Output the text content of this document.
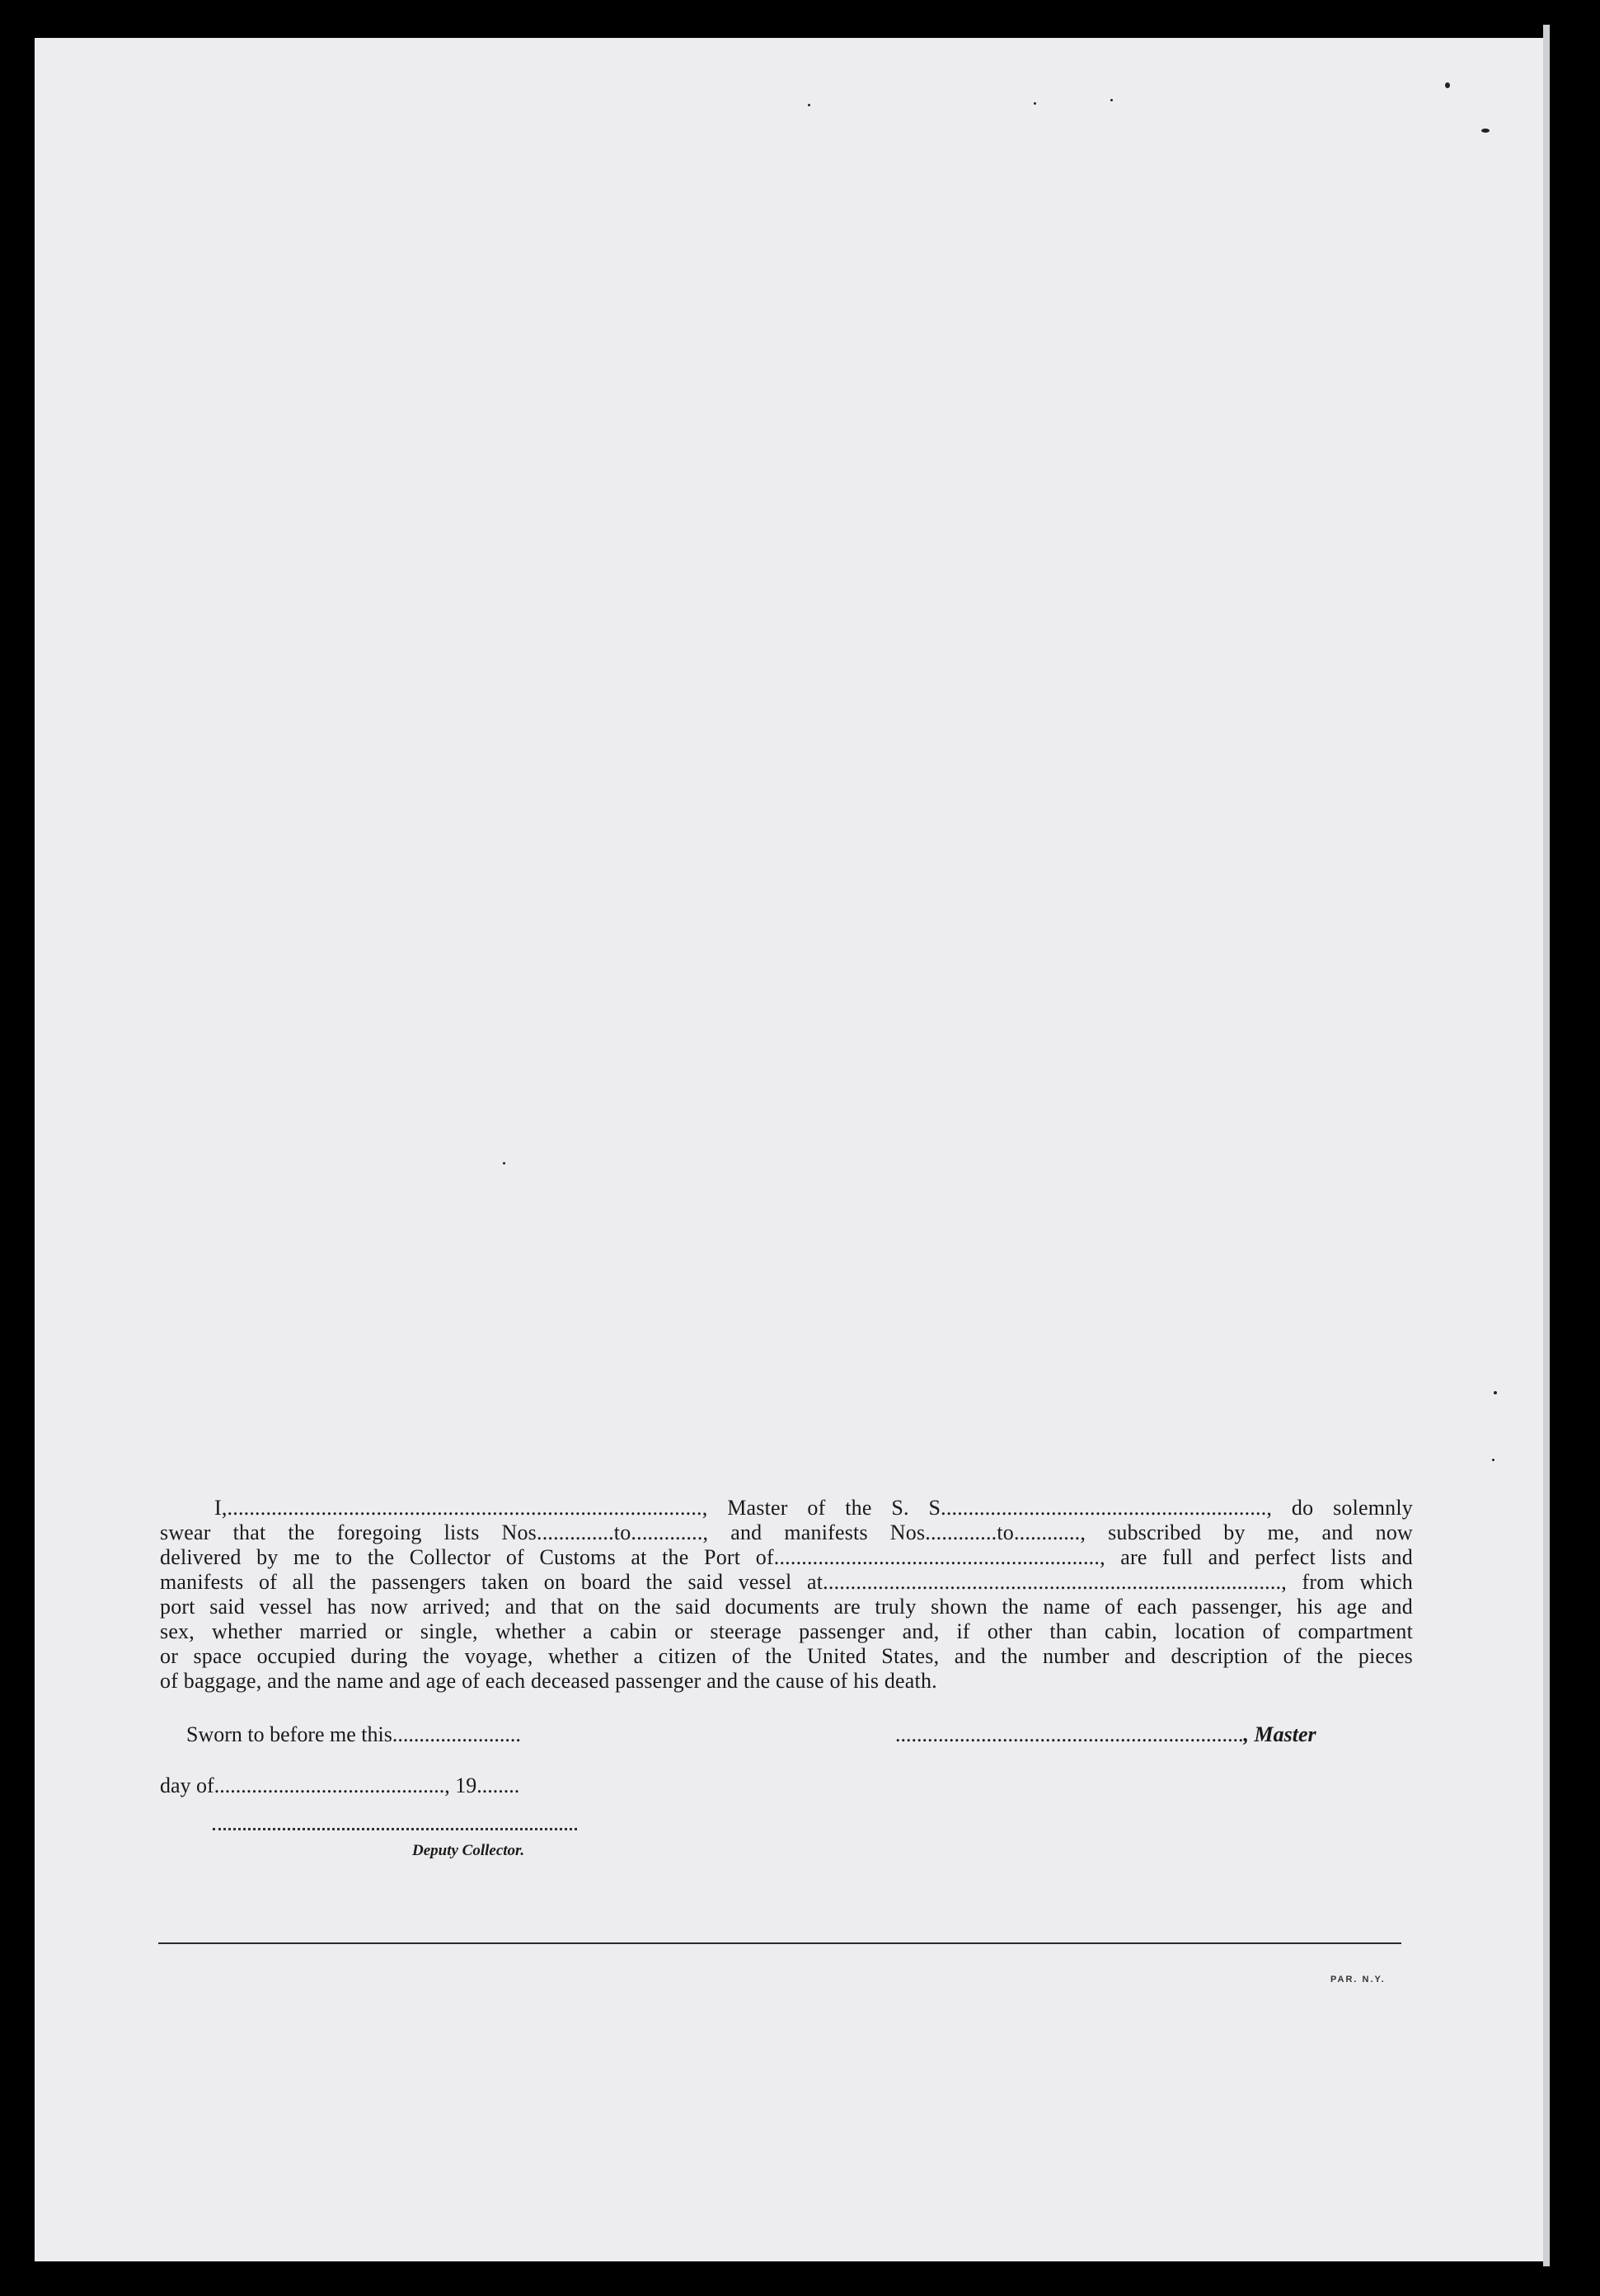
I,......................................................................................, Master of the S. S..........................................................., do solemnly
swear that the foregoing lists Nos..............to............., and manifests Nos.............to............, subscribed by me, and now
delivered by me to the Collector of Customs at the Port of..........................................................., are full and perfect lists and
manifests of all the passengers taken on board the said vessel at..................................................................................., from which
port said vessel has now arrived; and that on the said documents are truly shown the name of each passenger, his age and
sex, whether married or single, whether a cabin or steerage passenger and, if other than cabin, location of compartment
or space occupied during the voyage, whether a citizen of the United States, and the number and description of the pieces
of baggage, and the name and age of each deceased passenger and the cause of his death.
Sworn to before me this........................	................................................................., Master
day of..........................................., 19........
Deputy Collector.
PAR. N.Y.
